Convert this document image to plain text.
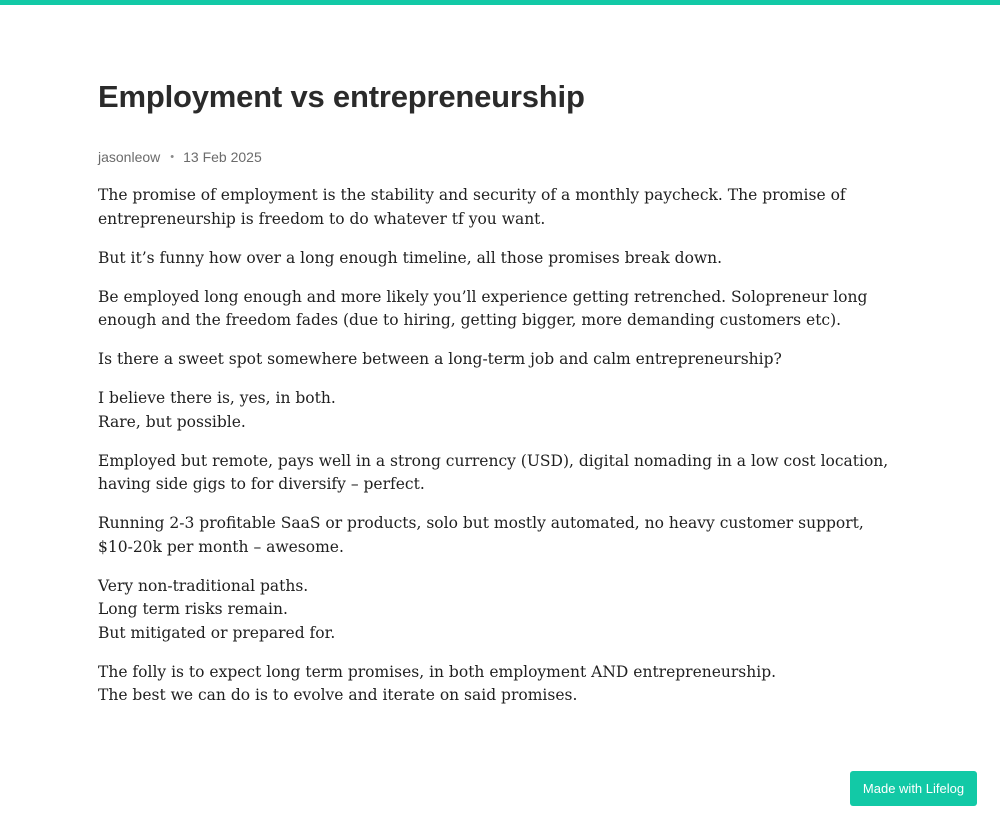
Employment vs entrepreneurship
jasonleow • 13 Feb 2025

The promise of employment is the stability and security of a monthly paycheck. The promise of entrepreneurship is freedom to do whatever tf you want.

But it’s funny how over a long enough timeline, all those promises break down.

Be employed long enough and more likely you’ll experience getting retrenched. Solopreneur long enough and the freedom fades (due to hiring, getting bigger, more demanding customers etc).

Is there a sweet spot somewhere between a long-term job and calm entrepreneurship?

I believe there is, yes, in both.
Rare, but possible.

Employed but remote, pays well in a strong currency (USD), digital nomading in a low cost location, having side gigs to for diversify – perfect.

Running 2-3 profitable SaaS or products, solo but mostly automated, no heavy customer support, $10-20k per month – awesome.

Very non-traditional paths.
Long term risks remain.
But mitigated or prepared for.

The folly is to expect long term promises, in both employment AND entrepreneurship.
The best we can do is to evolve and iterate on said promises.

Made with Lifelog
